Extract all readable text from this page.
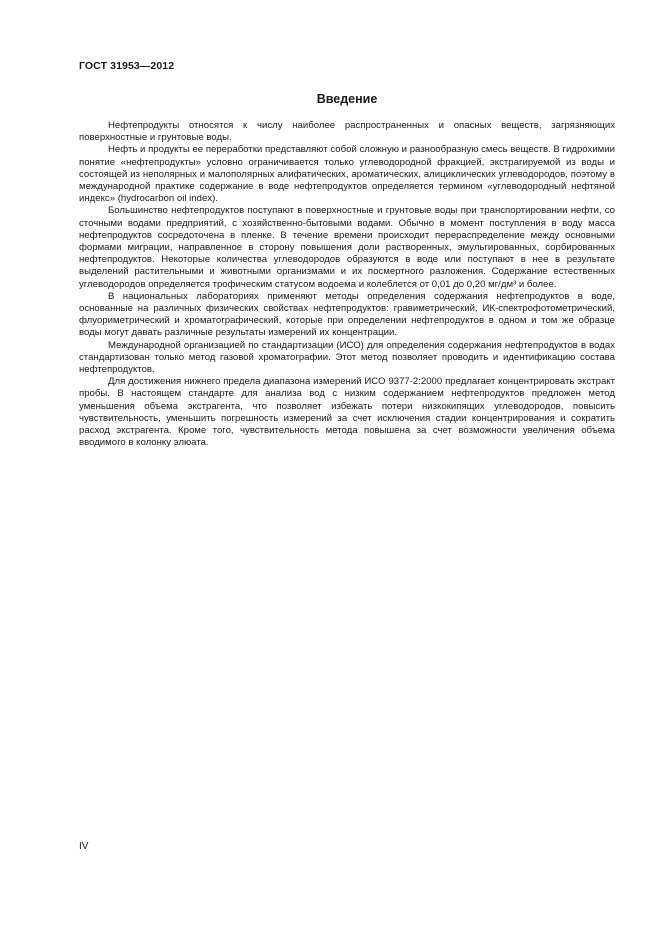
ГОСТ 31953—2012
Введение

Нефтепродукты относятся к числу наиболее распространенных и опасных веществ, загрязняющих поверхностные и грунтовые воды.

Нефть и продукты ее переработки представляют собой сложную и разнообразную смесь веществ. В гидрохимии понятие «нефтепродукты» условно ограничивается только углеводородной фракцией, экстрагируемой из воды и состоящей из неполярных и малополярных алифатических, ароматических, алициклических углеводородов, поэтому в международной практике содержание в воде нефтепродуктов определяется термином «углеводородный нефтяной индекс» (hydrocarbon oil index).

Большинство нефтепродуктов поступают в поверхностные и грунтовые воды при транспортировании нефти, со сточными водами предприятий, с хозяйственно-бытовыми водами. Обычно в момент поступления в воду масса нефтепродуктов сосредоточена в пленке. В течение времени происходит перераспределение между основными формами миграции, направленное в сторону повышения доли растворенных, эмульгированных, сорбированных нефтепродуктов. Некоторые количества углеводородов образуются в воде или поступают в нее в результате выделений растительными и животными организмами и их посмертного разложения. Содержание естественных углеводородов определяется трофическим статусом водоема и колеблется от 0,01 до 0,20 мг/дм³ и более.

В национальных лабораториях применяют методы определения содержания нефтепродуктов в воде, основанные на различных физических свойствах нефтепродуктов: гравиметрический, ИК-спектрофотометрический, флуориметрический и хроматографический, которые при определении нефтепродуктов в одном и том же образце воды могут давать различные результаты измерений их концентрации.

Международной организацией по стандартизации (ИСО) для определения содержания нефтепродуктов в водах стандартизован только метод газовой хроматографии. Этот метод позволяет проводить и идентификацию состава нефтепродуктов.

Для достижения нижнего предела диапазона измерений ИСО 9377-2:2000 предлагает концентрировать экстракт пробы. В настоящем стандарте для анализа вод с низким содержанием нефтепродуктов предложен метод уменьшения объема экстрагента, что позволяет избежать потери низкокипящих углеводородов, повысить чувствительность, уменьшить погрешность измерений за счет исключения стадии концентрирования и сократить расход экстрагента. Кроме того, чувствительность метода повышена за счет возможности увеличения объема вводимого в колонку элюата.

IV
